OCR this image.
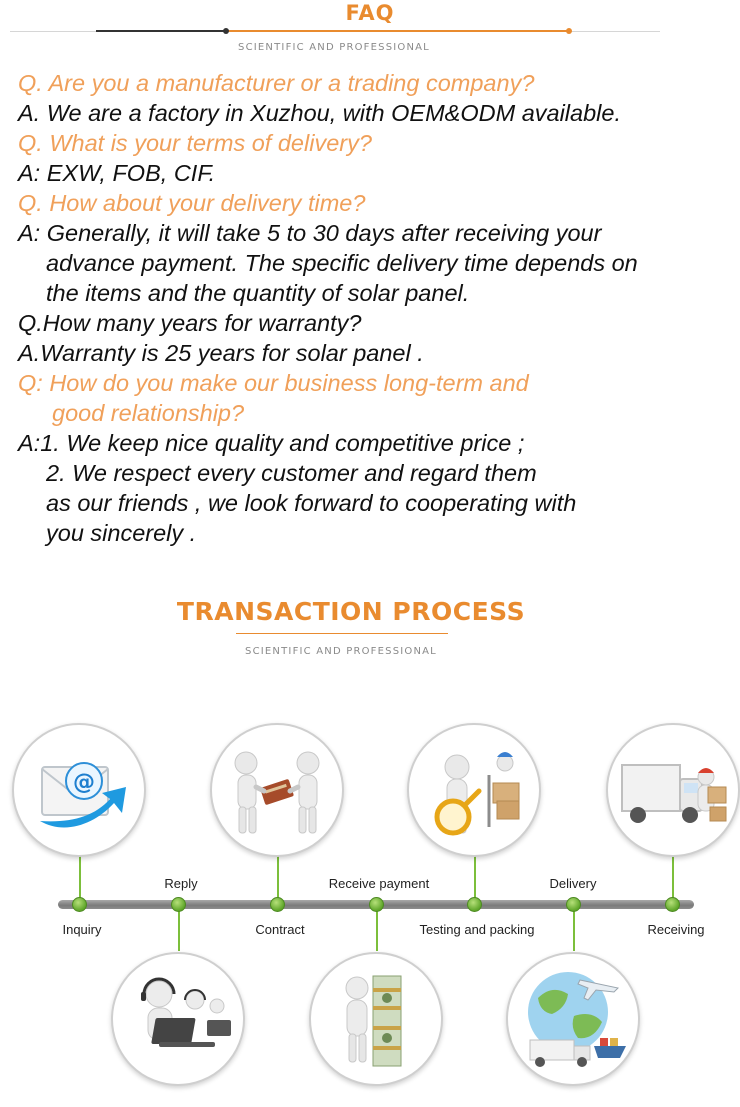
FAQ
SCIENTIFIC AND PROFESSIONAL
Q. Are you a manufacturer or a trading company?
A. We are a factory in Xuzhou, with OEM&ODM available.
Q. What is your terms of delivery?
A: EXW, FOB, CIF.
Q. How about your delivery time?
A: Generally, it will take 5 to 30 days after receiving your
advance payment. The specific delivery time depends on
the items and the quantity of solar panel.
Q.How many years for warranty?
A.Warranty is 25 years for solar panel .
Q: How do you make our business long-term and
good relationship?
A:1. We keep nice quality and competitive price ;
2. We respect every customer and regard them
as our friends , we look forward to cooperating with
you sincerely .
TRANSACTION PROCESS
SCIENTIFIC AND PROFESSIONAL
Inquiry
Reply
Contract
Receive payment
Testing and packing
Delivery
Receiving
@
